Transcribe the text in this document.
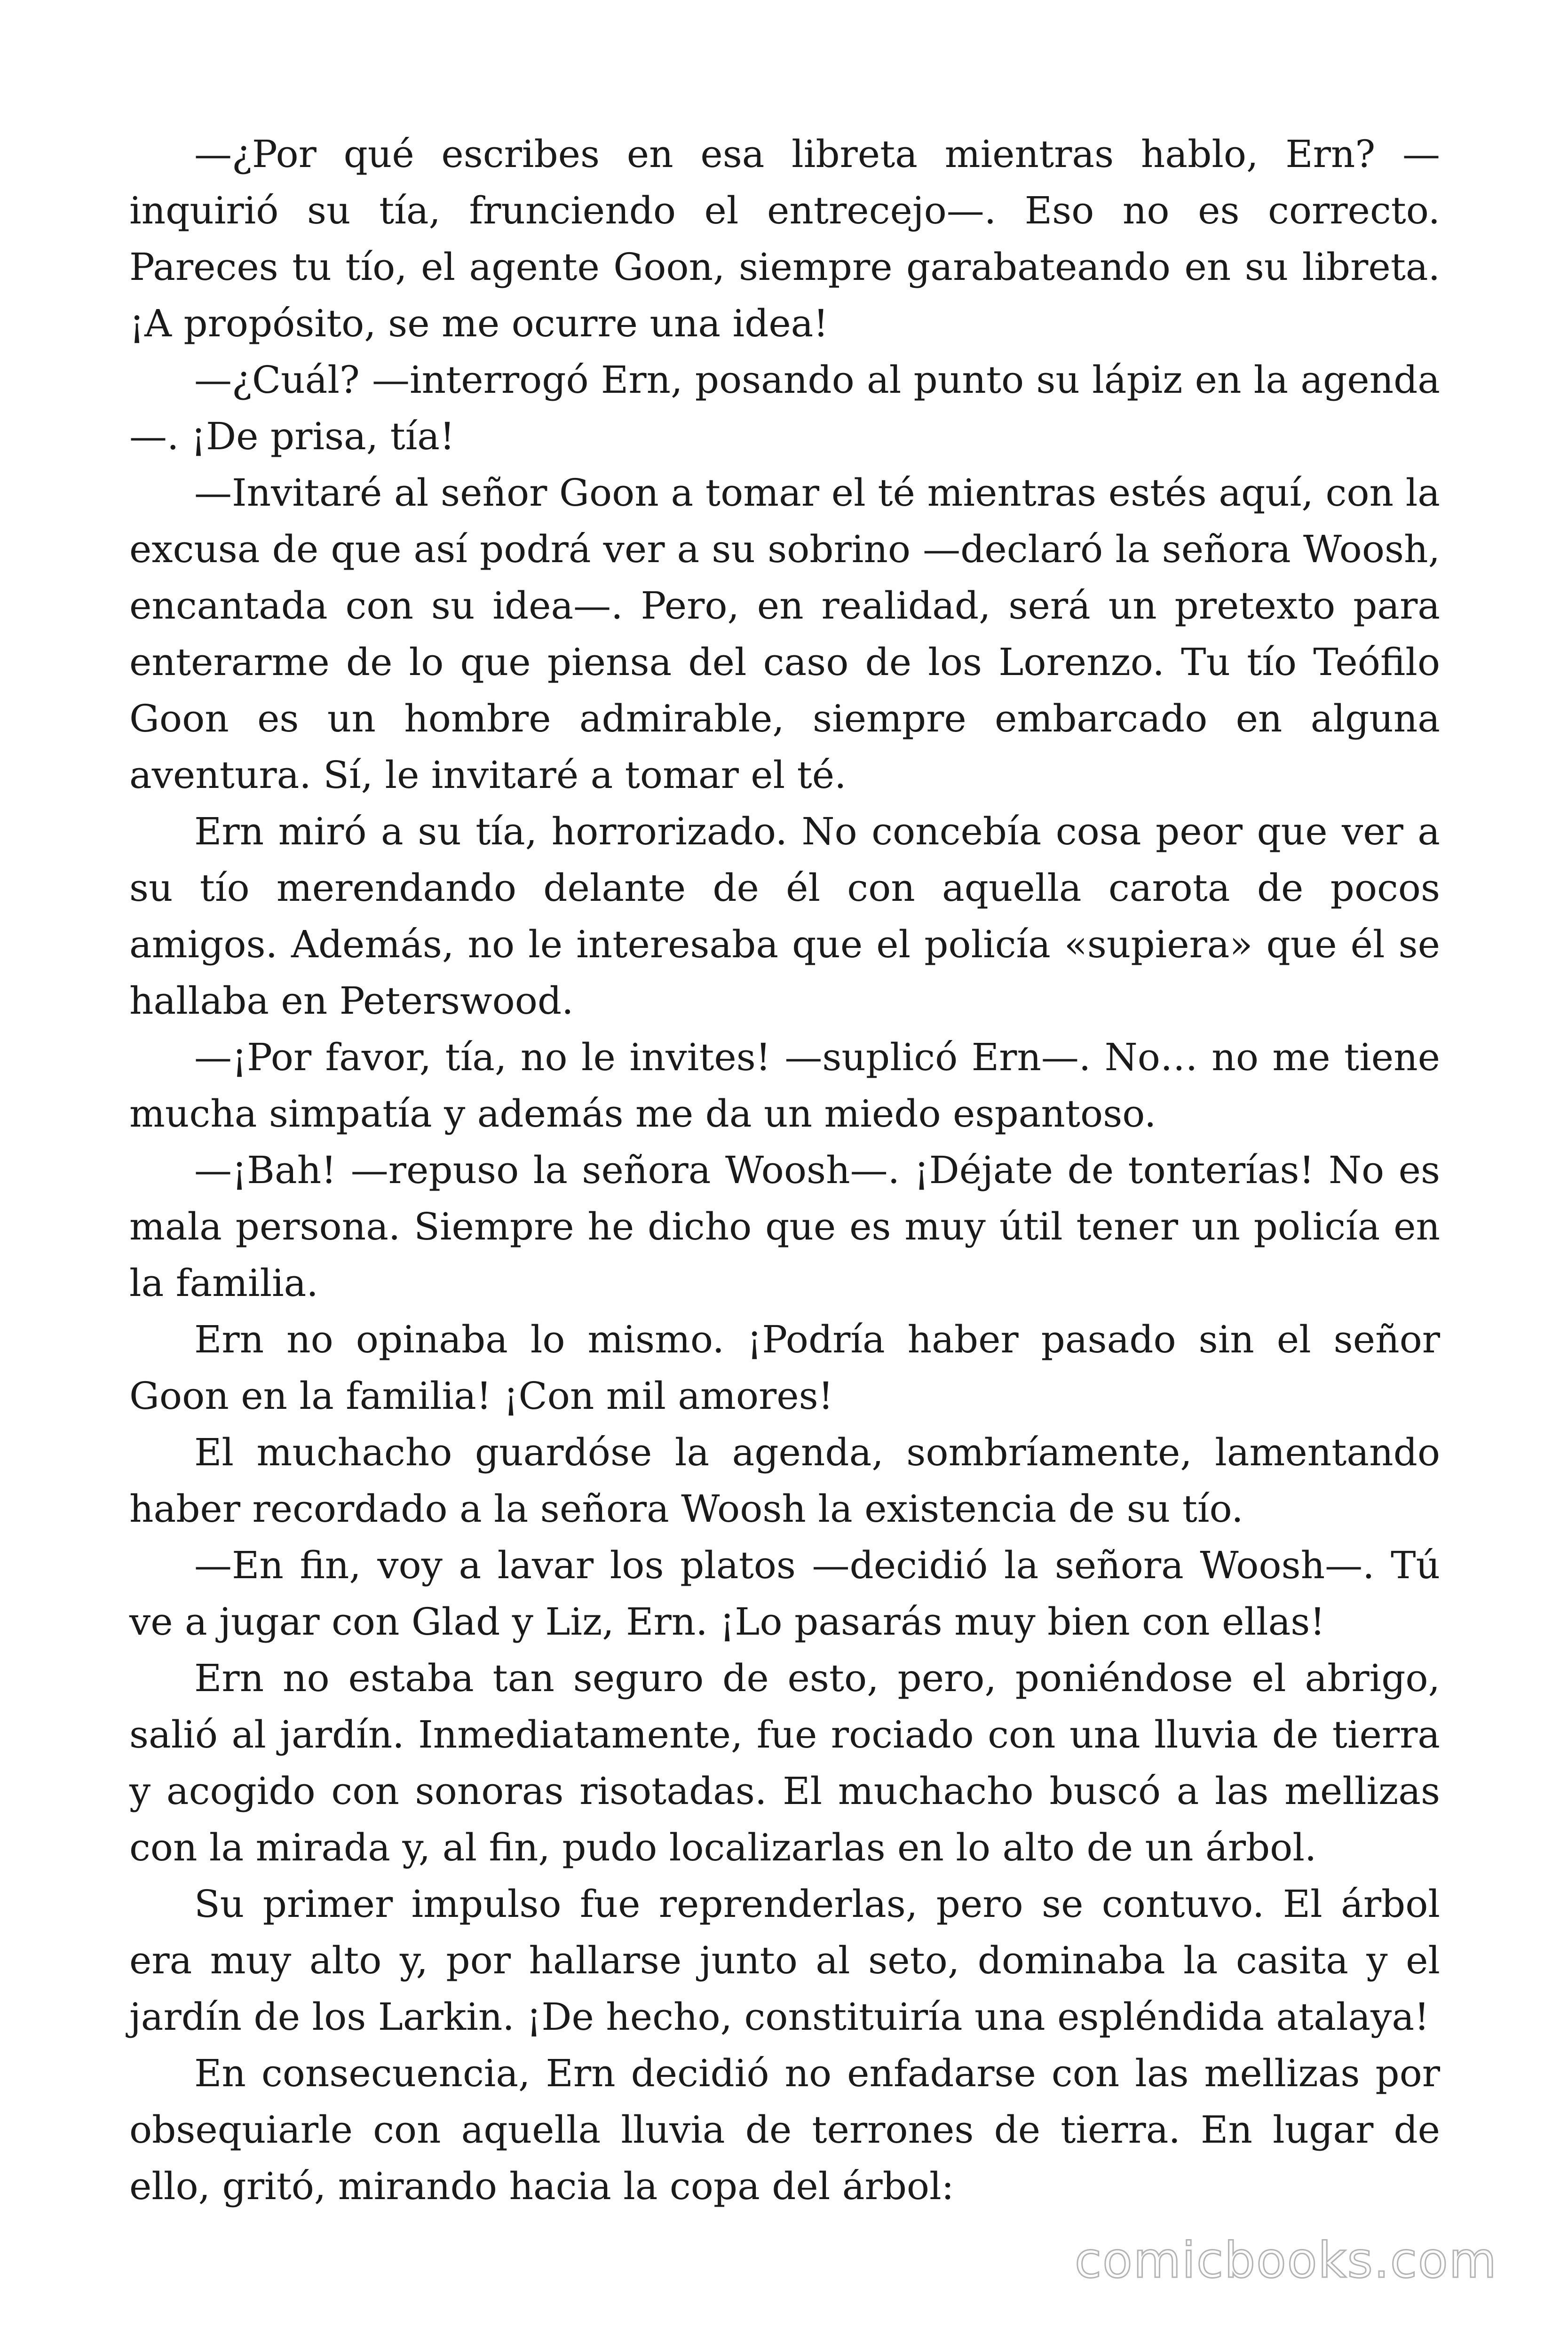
—¿Por qué escribes en esa libreta mientras hablo, Ern? —inquirió su tía, frunciendo el entrecejo—. Eso no es correcto. Pareces tu tío, el agente Goon, siempre garabateando en su libreta. ¡A propósito, se me ocurre una idea!

—¿Cuál? —interrogó Ern, posando al punto su lápiz en la agenda—. ¡De prisa, tía!

—Invitaré al señor Goon a tomar el té mientras estés aquí, con la excusa de que así podrá ver a su sobrino —declaró la señora Woosh, encantada con su idea—. Pero, en realidad, será un pretexto para enterarme de lo que piensa del caso de los Lorenzo. Tu tío Teófilo Goon es un hombre admirable, siempre embarcado en alguna aventura. Sí, le invitaré a tomar el té.

Ern miró a su tía, horrorizado. No concebía cosa peor que ver a su tío merendando delante de él con aquella carota de pocos amigos. Además, no le interesaba que el policía «supiera» que él se hallaba en Peterswood.

—¡Por favor, tía, no le invites! —suplicó Ern—. No… no me tiene mucha simpatía y además me da un miedo espantoso.

—¡Bah! —repuso la señora Woosh—. ¡Déjate de tonterías! No es mala persona. Siempre he dicho que es muy útil tener un policía en la familia.

Ern no opinaba lo mismo. ¡Podría haber pasado sin el señor Goon en la familia! ¡Con mil amores!

El muchacho guardóse la agenda, sombríamente, lamentando haber recordado a la señora Woosh la existencia de su tío.

—En fin, voy a lavar los platos —decidió la señora Woosh—. Tú ve a jugar con Glad y Liz, Ern. ¡Lo pasarás muy bien con ellas!

Ern no estaba tan seguro de esto, pero, poniéndose el abrigo, salió al jardín. Inmediatamente, fue rociado con una lluvia de tierra y acogido con sonoras risotadas. El muchacho buscó a las mellizas con la mirada y, al fin, pudo localizarlas en lo alto de un árbol.

Su primer impulso fue reprenderlas, pero se contuvo. El árbol era muy alto y, por hallarse junto al seto, dominaba la casita y el jardín de los Larkin. ¡De hecho, constituiría una espléndida atalaya!

En consecuencia, Ern decidió no enfadarse con las mellizas por obsequiarle con aquella lluvia de terrones de tierra. En lugar de ello, gritó, mirando hacia la copa del árbol:

comicbooks.com
